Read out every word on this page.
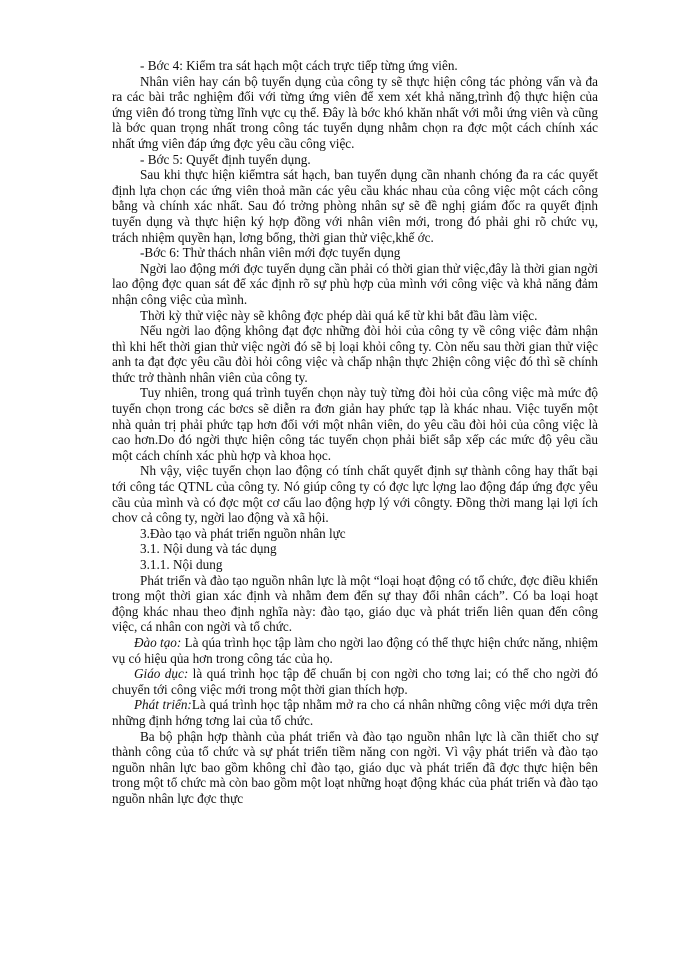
- Bớc 4: Kiểm tra sát hạch một cách trực tiếp từng ứng viên.

Nhân viên hay cán bộ tuyển dụng của công ty sẽ thực hiện công tác phỏng vấn và đa ra các bài trắc nghiệm đối với từng ứng viên để xem xét khả năng,trình độ thực hiện của ứng viên đó trong từng lĩnh vực cụ thể. Đây là bớc khó khăn nhất với mỗi ứng viên và cũng là bớc quan trọng nhất trong công tác tuyển dụng nhằm chọn ra đợc một cách chính xác nhất ứng viên đáp ứng đợc yêu cầu công việc.

- Bớc 5: Quyết định tuyển dụng.

Sau khi thực hiện kiểmtra sát hạch, ban tuyển dụng cần nhanh chóng đa ra các quyết định lựa chọn các ứng viên thoả mãn các yêu cầu khác nhau của công việc một cách công bằng và chính xác nhất. Sau đó trởng phòng nhân sự sẽ đề nghị giám đốc ra quyết định tuyển dụng và thực hiện ký hợp đồng với nhân viên mới, trong đó phải ghi rõ chức vụ, trách nhiệm quyền hạn, lơng bổng, thời gian thử việc,khế ớc.

-Bớc 6: Thử thách nhân viên mới đợc tuyển dụng

Ngời lao động mới đợc tuyển dụng cần phải có thời gian thử việc,đây là thời gian ngời lao động đợc quan sát để xác định rõ sự phù hợp của mình với công việc và khả năng đảm nhận công việc của mình.

Thời kỳ thử việc này sẽ không đợc phép dài quá kể từ khi bắt đầu làm việc.

Nếu ngời lao động không đạt đợc những đòi hỏi của công ty về công việc đảm nhận thì khi hết thời gian thử việc ngời đó sẽ bị loại khỏi công ty. Còn nếu sau thời gian thử việc anh ta đạt đợc yêu cầu đòi hỏi công việc và chấp nhận thực 2hiện công việc đó thì sẽ chính thức trở thành nhân viên của công ty.

Tuy nhiên, trong quá trình tuyển chọn này tuỳ từng đòi hỏi của công việc mà mức độ tuyển chọn trong các bơcs sẽ diễn ra đơn giản hay phức tạp là khác nhau. Việc tuyển một nhà quản trị phải phức tạp hơn đối với một nhân viên, do yêu cầu đòi hỏi của công việc là cao hơn.Do đó ngời thực hiện công tác tuyển chọn phải biết sắp xếp các mức độ yêu cầu một cách chính xác phù hợp và khoa học.

Nh vậy, việc tuyển chọn lao động có tính chất quyết định sự thành công hay thất bại tới công tác QTNL của công ty. Nó giúp công ty có đợc lực lợng lao động đáp ứng đợc yêu cầu của mình và có đợc một cơ cấu lao động hợp lý với côngty. Đồng thời mang lại lợi ích chov cả công ty, ngời lao động và xã hội.

3.Đào tạo và phát triển nguồn nhân lực

3.1. Nội dung và tác dụng

3.1.1. Nội dung

Phát triển và đào tạo nguồn nhân lực là một “loại hoạt động có tổ chức, đợc điều khiển trong một thời gian xác định và nhằm đem đến sự thay đổi nhân cách”. Có ba loại hoạt động khác nhau theo định nghĩa này: đào tạo, giáo dục và phát triển liên quan đến công việc, cá nhân con ngời và tổ chức.

Đào tạo: Là qúa trình học tập làm cho ngời lao động có thể thực hiện chức năng, nhiệm vụ có hiệu qủa hơn trong công tác của họ.

Giáo dục: là quá trình học tập để chuẩn bị con ngời cho tơng lai; có thể cho ngời đó chuyển tới công việc mới trong một thời gian thích hợp.

Phát triển:Là quá trình học tập nhằm mở ra cho cá nhân những công việc mới dựa trên những định hớng tơng lai của tổ chức.

Ba bộ phận hợp thành của phát triển và đào tạo nguồn nhân lực là cần thiết cho sự thành công của tổ chức và sự phát triển tiềm năng con ngời. Vì vậy phát triển và đào tạo nguồn nhân lực bao gồm không chỉ đào tạo, giáo dục và phát triển đã đợc thực hiện bên trong một tổ chức mà còn bao gồm một loạt những hoạt động khác của phát triển và đào tạo nguồn nhân lực đợc thực
